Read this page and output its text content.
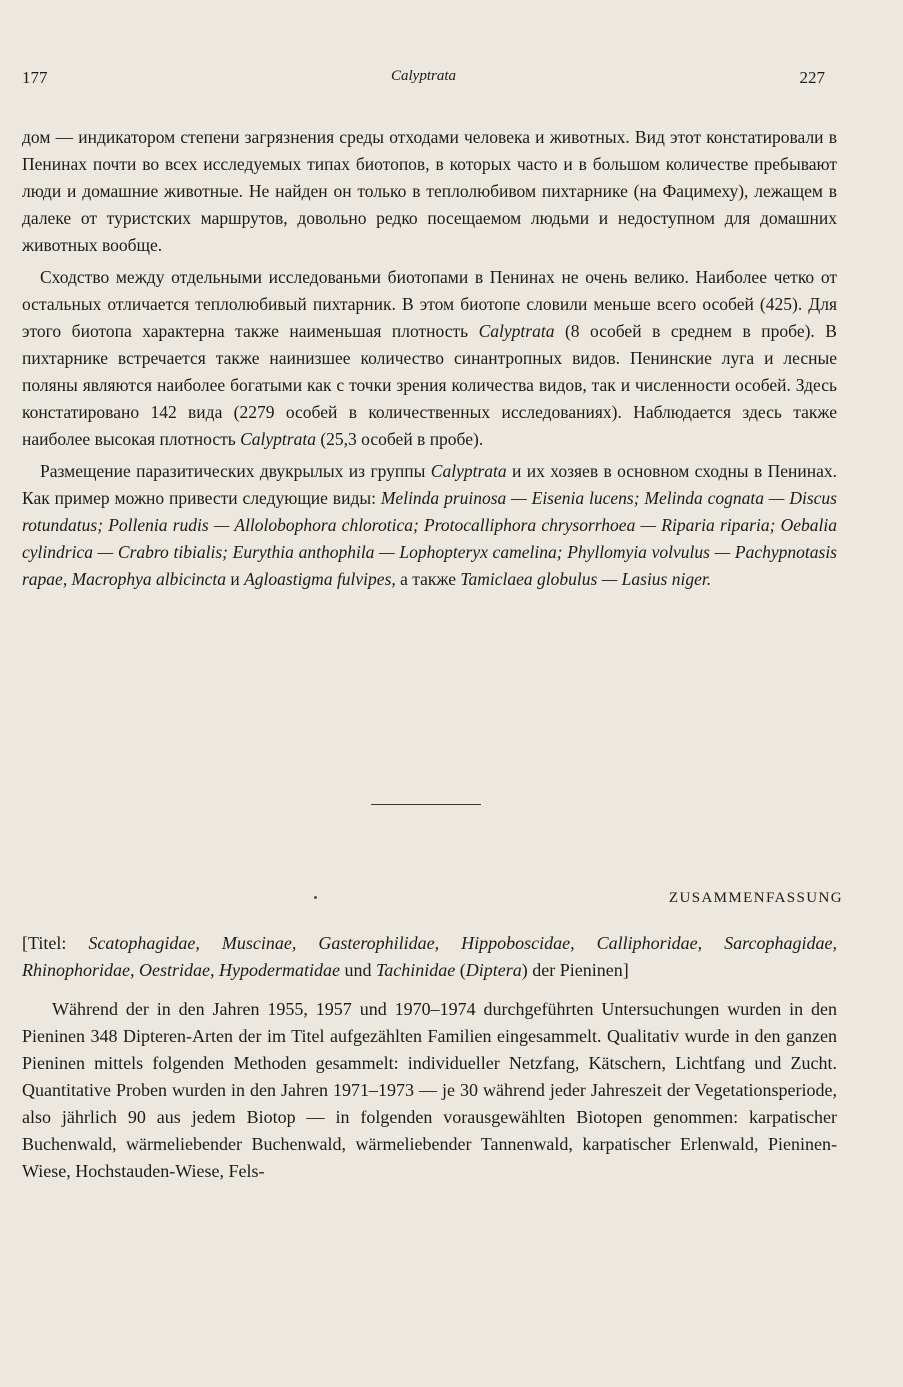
177	Calyptrata	227

дом — индикатором степени загрязнения среды отходами человека и животных. Вид этот констатировали в Пенинах почти во всех исследуемых типах биотопов, в которых часто и в большом количестве пребывают люди и домашние животные. Не найден он только в теплолюбивом пихтарнике (на Фацимеху), лежащем в далеке от туристских маршрутов, довольно редко посещаемом людьми и недоступном для домашних животных вообще.

Сходство между отдельными исследованьми биотопами в Пенинах не очень велико. Наиболее четко от остальных отличается теплолюбивый пихтарник. В этом биотопе словили меньше всего особей (425). Для этого биотопа характерна также наименьшая плотность Calyptrata (8 особей в среднем в пробе). В пихтарнике встречается также наинизшее количество синантропных видов. Пенинские луга и лесные поляны являются наиболее богатыми как с точки зрения количества видов, так и численности особей. Здесь констатировано 142 вида (2279 особей в количественных исследованиях). Наблюдается здесь также наиболее высокая плотность Calyptrata (25,3 особей в пробе).

Размещение паразитических двукрылых из группы Calyptrata и их хозяев в основном сходны в Пенинах. Как пример можно привести следующие виды: Melinda pruinosa — Eisenia lucens; Melinda cognata — Discus rotundatus; Pollenia rudis — Allolobophora chlorotica; Protocalliphora chrysorrhoea — Riparia riparia; Oebalia cylindrica — Crabro tibialis; Eurythia anthophila — Lophopteryx camelina; Phyllomyia volvulus — Pachypnotasis rapae, Macrophya albicincta и Agloastigma fulvipes, а также Tamiclaea globulus — Lasius niger.

ZUSAMMENFASSUNG

[Titel: Scatophagidae, Muscinae, Gasterophilidae, Hippoboscidae, Calliphoridae, Sarcophagidae, Rhinophoridae, Oestridae, Hypodermatidae und Tachinidae (Diptera) der Pieninen]

Während der in den Jahren 1955, 1957 und 1970–1974 durchgeführten Untersuchungen wurden in den Pieninen 348 Dipteren-Arten der im Titel aufgezählten Familien eingesammelt. Qualitativ wurde in den ganzen Pieninen mittels folgenden Methoden gesammelt: individueller Netzfang, Kätschern, Lichtfang und Zucht. Quantitative Proben wurden in den Jahren 1971–1973 — je 30 während jeder Jahreszeit der Vegetationsperiode, also jährlich 90 aus jedem Biotop — in folgenden vorausgewählten Biotopen genommen: karpatischer Buchenwald, wärmeliebender Buchenwald, wärmeliebender Tannenwald, karpatischer Erlenwald, Pieninen-Wiese, Hochstauden-Wiese, Fels-
